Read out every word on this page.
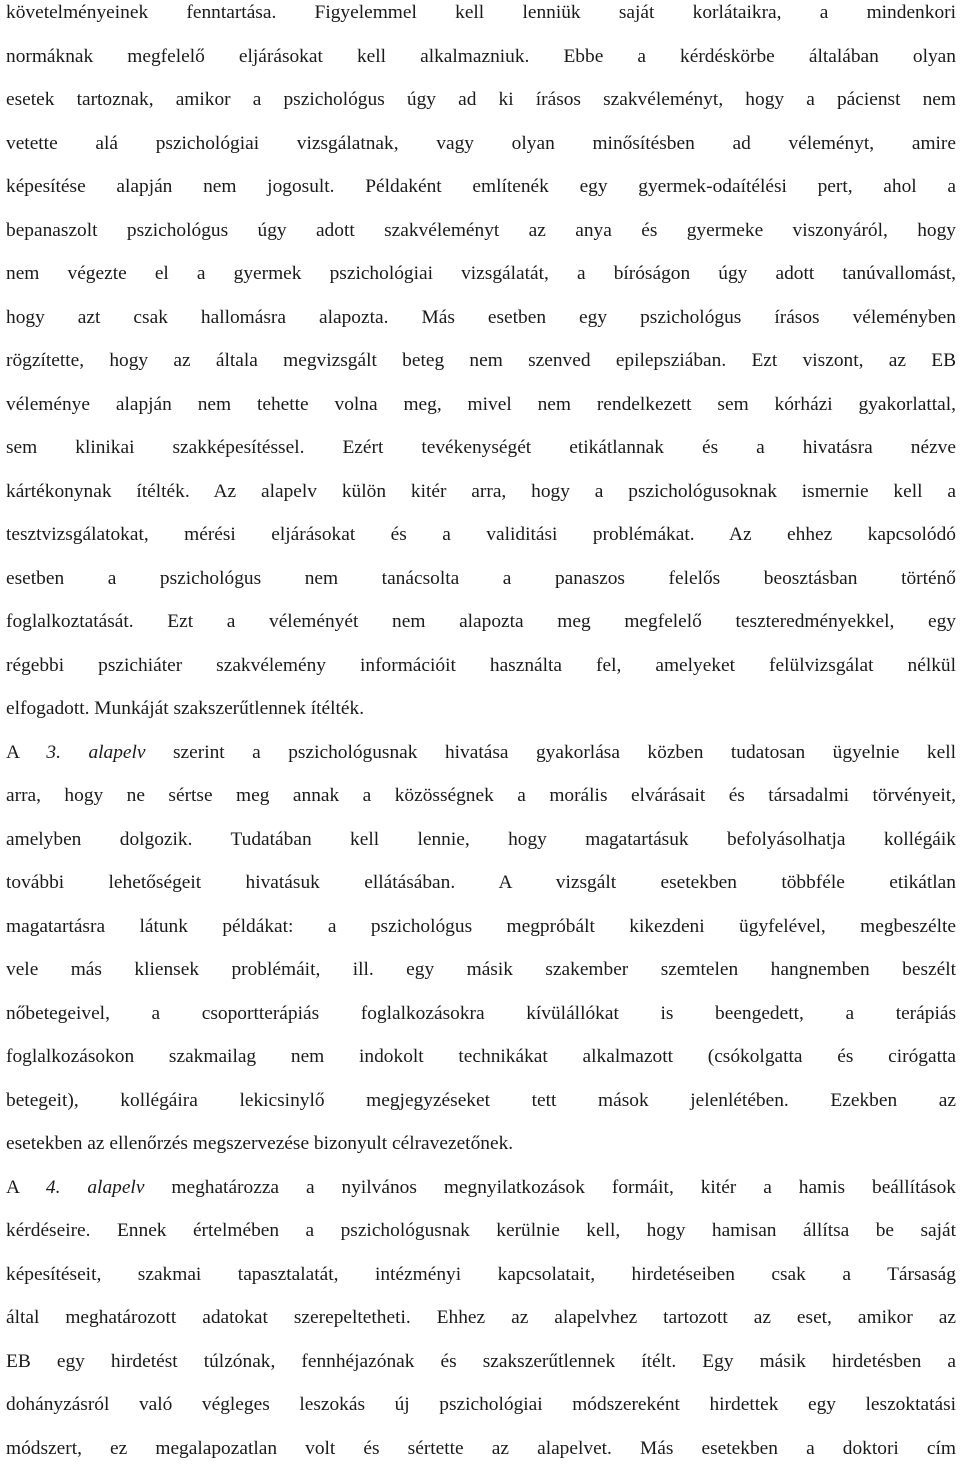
követelményeinek fenntartása. Figyelemmel kell lenniük saját korlátaikra, a mindenkori
normáknak megfelelő eljárásokat kell alkalmazniuk. Ebbe a kérdéskörbe általában olyan
esetek tartoznak, amikor a pszichológus úgy ad ki írásos szakvéleményt, hogy a pácienst nem
vetette alá pszichológiai vizsgálatnak, vagy olyan minősítésben ad véleményt, amire
képesítése alapján nem jogosult. Példaként említenék egy gyermek-odaítélési pert, ahol a
bepanaszolt pszichológus úgy adott szakvéleményt az anya és gyermeke viszonyáról, hogy
nem végezte el a gyermek pszichológiai vizsgálatát, a bíróságon úgy adott tanúvallomást,
hogy azt csak hallomásra alapozta. Más esetben egy pszichológus írásos véleményben
rögzítette, hogy az általa megvizsgált beteg nem szenved epilepsziában. Ezt viszont, az EB
véleménye alapján nem tehette volna meg, mivel nem rendelkezett sem kórházi gyakorlattal,
sem klinikai szakképesítéssel. Ezért tevékenységét etikátlannak és a hivatásra nézve
kártékonynak ítélték. Az alapelv külön kitér arra, hogy a pszichológusoknak ismernie kell a
tesztvizsgálatokat, mérési eljárásokat és a validitási problémákat. Az ehhez kapcsolódó
esetben a pszichológus nem tanácsolta a panaszos felelős beosztásban történő
foglalkoztatását. Ezt a véleményét nem alapozta meg megfelelő teszteredményekkel, egy
régebbi pszichiáter szakvélemény információit használta fel, amelyeket felülvizsgálat nélkül
elfogadott. Munkáját szakszerűtlennek ítélték.
A 3. alapelv szerint a pszichológusnak hivatása gyakorlása közben tudatosan ügyelnie kell
arra, hogy ne sértse meg annak a közösségnek a morális elvárásait és társadalmi törvényeit,
amelyben dolgozik. Tudatában kell lennie, hogy magatartásuk befolyásolhatja kollégáik
további lehetőségeit hivatásuk ellátásában. A vizsgált esetekben többféle etikátlan
magatartásra látunk példákat: a pszichológus megpróbált kikezdeni ügyfelével, megbeszélte
vele más kliensek problémáit, ill. egy másik szakember szemtelen hangnemben beszélt
nőbetegeivel, a csoportterápiás foglalkozásokra kívülállókat is beengedett, a terápiás
foglalkozásokon szakmailag nem indokolt technikákat alkalmazott (csókolgatta és cirógatta
betegeit), kollégáira lekicsinylő megjegyzéseket tett mások jelenlétében. Ezekben az
esetekben az ellenőrzés megszervezése bizonyult célravezetőnek.
A 4. alapelv meghatározza a nyilvános megnyilatkozások formáit, kitér a hamis beállítások
kérdéseire. Ennek értelmében a pszichológusnak kerülnie kell, hogy hamisan állítsa be saját
képesítéseit, szakmai tapasztalatát, intézményi kapcsolatait, hirdetéseiben csak a Társaság
által meghatározott adatokat szerepeltetheti. Ehhez az alapelvhez tartozott az eset, amikor az
EB egy hirdetést túlzónak, fennhéjazónak és szakszerűtlennek ítélt. Egy másik hirdetésben a
dohányzásról való végleges leszokás új pszichológiai módszereként hirdettek egy leszoktatási
módszert, ez megalapozatlan volt és sértette az alapelvet. Más esetekben a doktori cím
